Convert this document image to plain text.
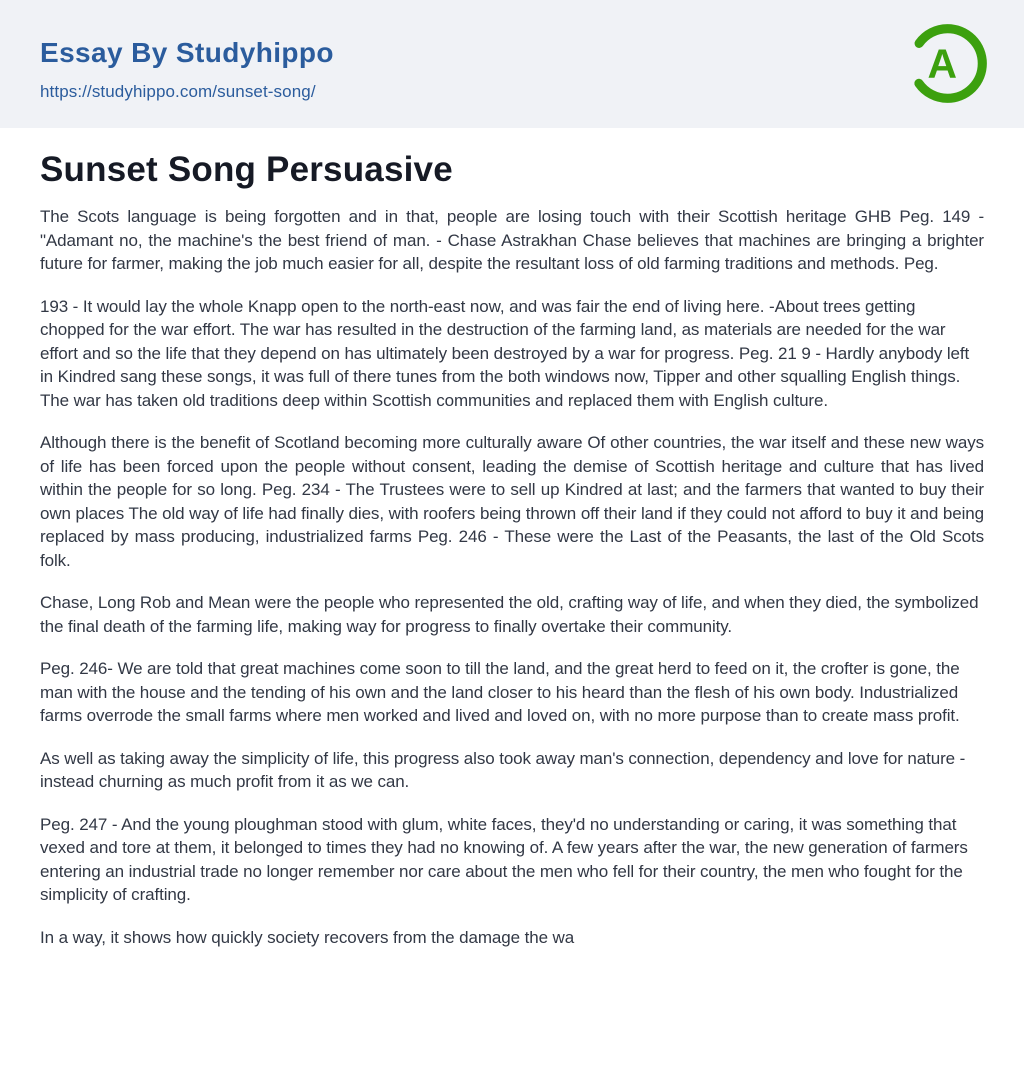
Essay By Studyhippo
https://studyhippo.com/sunset-song/
A
Sunset Song Persuasive

The Scots language is being forgotten and in that, people are losing touch with their Scottish heritage GHB Peg. 149 -"Adamant no, the machine's the best friend of man. - Chase Astrakhan Chase believes that machines are bringing a brighter future for farmer, making the job much easier for all, despite the resultant loss of old farming traditions and methods. Peg.

193 - It would lay the whole Knapp open to the north-east now, and was fair the end of living here. -About trees getting chopped for the war effort. The war has resulted in the destruction of the farming land, as materials are needed for the war effort and so the life that they depend on has ultimately been destroyed by a war for progress. Peg. 21 9 - Hardly anybody left in Kindred sang these songs, it was full of there tunes from the both windows now, Tipper and other squalling English things. The war has taken old traditions deep within Scottish communities and replaced them with English culture.

Although there is the benefit of Scotland becoming more culturally aware Of other countries, the war itself and these new ways of life has been forced upon the people without consent, leading the demise of Scottish heritage and culture that has lived within the people for so long. Peg. 234 - The Trustees were to sell up Kindred at last; and the farmers that wanted to buy their own places The old way of life had finally dies, with roofers being thrown off their land if they could not afford to buy it and being replaced by mass producing, industrialized farms Peg. 246 - These were the Last of the Peasants, the last of the Old Scots folk.

Chase, Long Rob and Mean were the people who represented the old, crafting way of life, and when they died, the symbolized the final death of the farming life, making way for progress to finally overtake their community.

Peg. 246- We are told that great machines come soon to till the land, and the great herd to feed on it, the crofter is gone, the man with the house and the tending of his own and the land closer to his heard than the flesh of his own body. Industrialized farms overrode the small farms where men worked and lived and loved on, with no more purpose than to create mass profit.

As well as taking away the simplicity of life, this progress also took away man's connection, dependency and love for nature - instead churning as much profit from it as we can.

Peg. 247 - And the young ploughman stood with glum, white faces, they'd no understanding or caring, it was something that vexed and tore at them, it belonged to times they had no knowing of. A few years after the war, the new generation of farmers entering an industrial trade no longer remember nor care about the men who fell for their country, the men who fought for the simplicity of crafting.

In a way, it shows how quickly society recovers from the damage the wa
